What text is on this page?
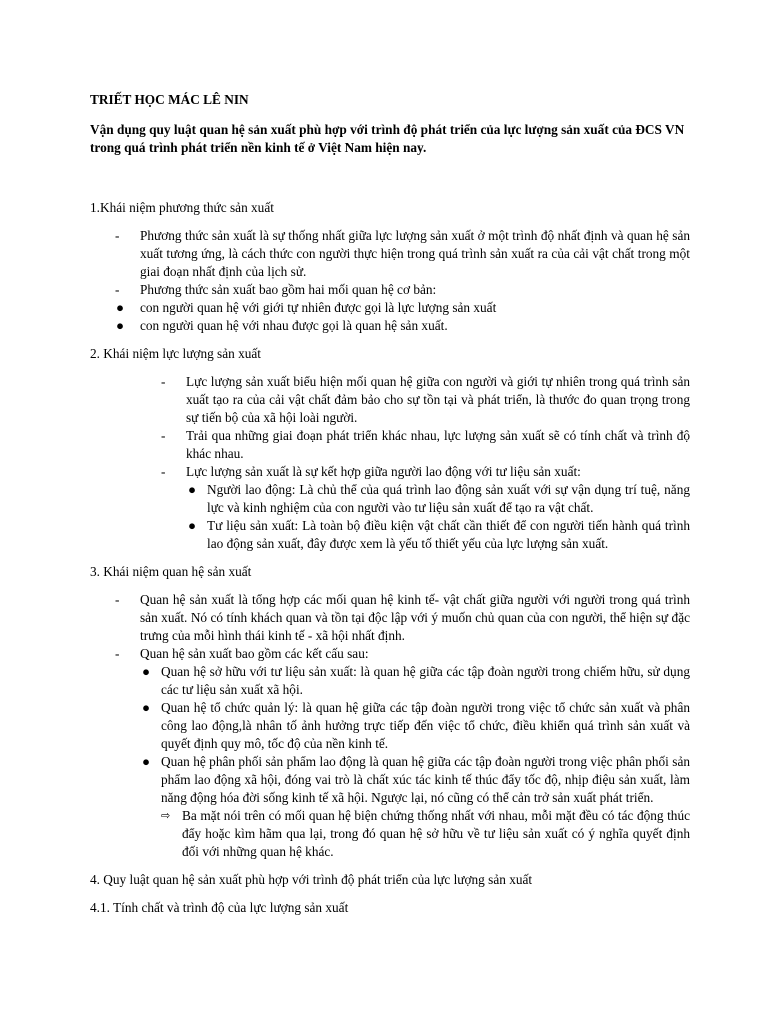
TRIẾT HỌC MÁC LÊ NIN

Vận dụng quy luật quan hệ sản xuất phù hợp với trình độ phát triển của lực lượng sản xuất của ĐCS VN trong quá trình phát triển nền kinh tế ở Việt Nam hiện nay.

1.Khái niệm phương thức sản xuất

- Phương thức sản xuất là sự thống nhất giữa lực lượng sản xuất ở một trình độ nhất định và quan hệ sản xuất tương ứng, là cách thức con người thực hiện trong quá trình sản xuất ra của cải vật chất trong một giai đoạn nhất định của lịch sử.
- Phương thức sản xuất bao gồm hai mối quan hệ cơ bản:
● con người quan hệ với giới tự nhiên được gọi là lực lượng sản xuất
● con người quan hệ với nhau được gọi là quan hệ sản xuất.

2. Khái niệm lực lượng sản xuất

- Lực lượng sản xuất biểu hiện mối quan hệ giữa con người và giới tự nhiên trong quá trình sản xuất tạo ra của cải vật chất đảm bảo cho sự tồn tại và phát triển, là thước đo quan trọng trong sự tiến bộ của xã hội loài người.
- Trải qua những giai đoạn phát triển khác nhau, lực lượng sản xuất sẽ có tính chất và trình độ khác nhau.
- Lực lượng sản xuất là sự kết hợp giữa người lao động với tư liệu sản xuất:
● Người lao động: Là chủ thể của quá trình lao động sản xuất với sự vận dụng trí tuệ, năng lực và kinh nghiệm của con người vào tư liệu sản xuất để tạo ra vật chất.
● Tư liệu sản xuất: Là toàn bộ điều kiện vật chất cần thiết để con người tiến hành quá trình lao động sản xuất, đây được xem là yếu tố thiết yếu của lực lượng sản xuất.

3. Khái niệm quan hệ sản xuất

- Quan hệ sản xuất là tổng hợp các mối quan hệ kinh tế- vật chất giữa người với người trong quá trình sản xuất. Nó có tính khách quan và tồn tại độc lập với ý muốn chủ quan của con người, thể hiện sự đặc trưng của mỗi hình thái kinh tế - xã hội nhất định.
- Quan hệ sản xuất bao gồm các kết cấu sau:
● Quan hệ sở hữu với tư liệu sản xuất: là quan hệ giữa các tập đoàn người trong chiếm hữu, sử dụng các tư liệu sản xuất xã hội.
● Quan hệ tổ chức quản lý: là quan hệ giữa các tập đoàn người trong việc tổ chức sản xuất và phân công lao động,là nhân tố ảnh hưởng trực tiếp đến việc tổ chức, điều khiển quá trình sản xuất và quyết định quy mô, tốc độ của nền kinh tế.
● Quan hệ phân phối sản phẩm lao động là quan hệ giữa các tập đoàn người trong việc phân phối sản phẩm lao động xã hội, đóng vai trò là chất xúc tác kinh tế thúc đẩy tốc độ, nhịp điệu sản xuất, làm năng động hóa đời sống kinh tế xã hội. Ngược lại, nó cũng có thể cản trở sản xuất phát triển.
⇨ Ba mặt nói trên có mối quan hệ biện chứng thống nhất với nhau, mỗi mặt đều có tác động thúc đẩy hoặc kìm hãm qua lại, trong đó quan hệ sở hữu về tư liệu sản xuất có ý nghĩa quyết định đối với những quan hệ khác.

4. Quy luật quan hệ sản xuất phù hợp với trình độ phát triển của lực lượng sản xuất

4.1. Tính chất và trình độ của lực lượng sản xuất
